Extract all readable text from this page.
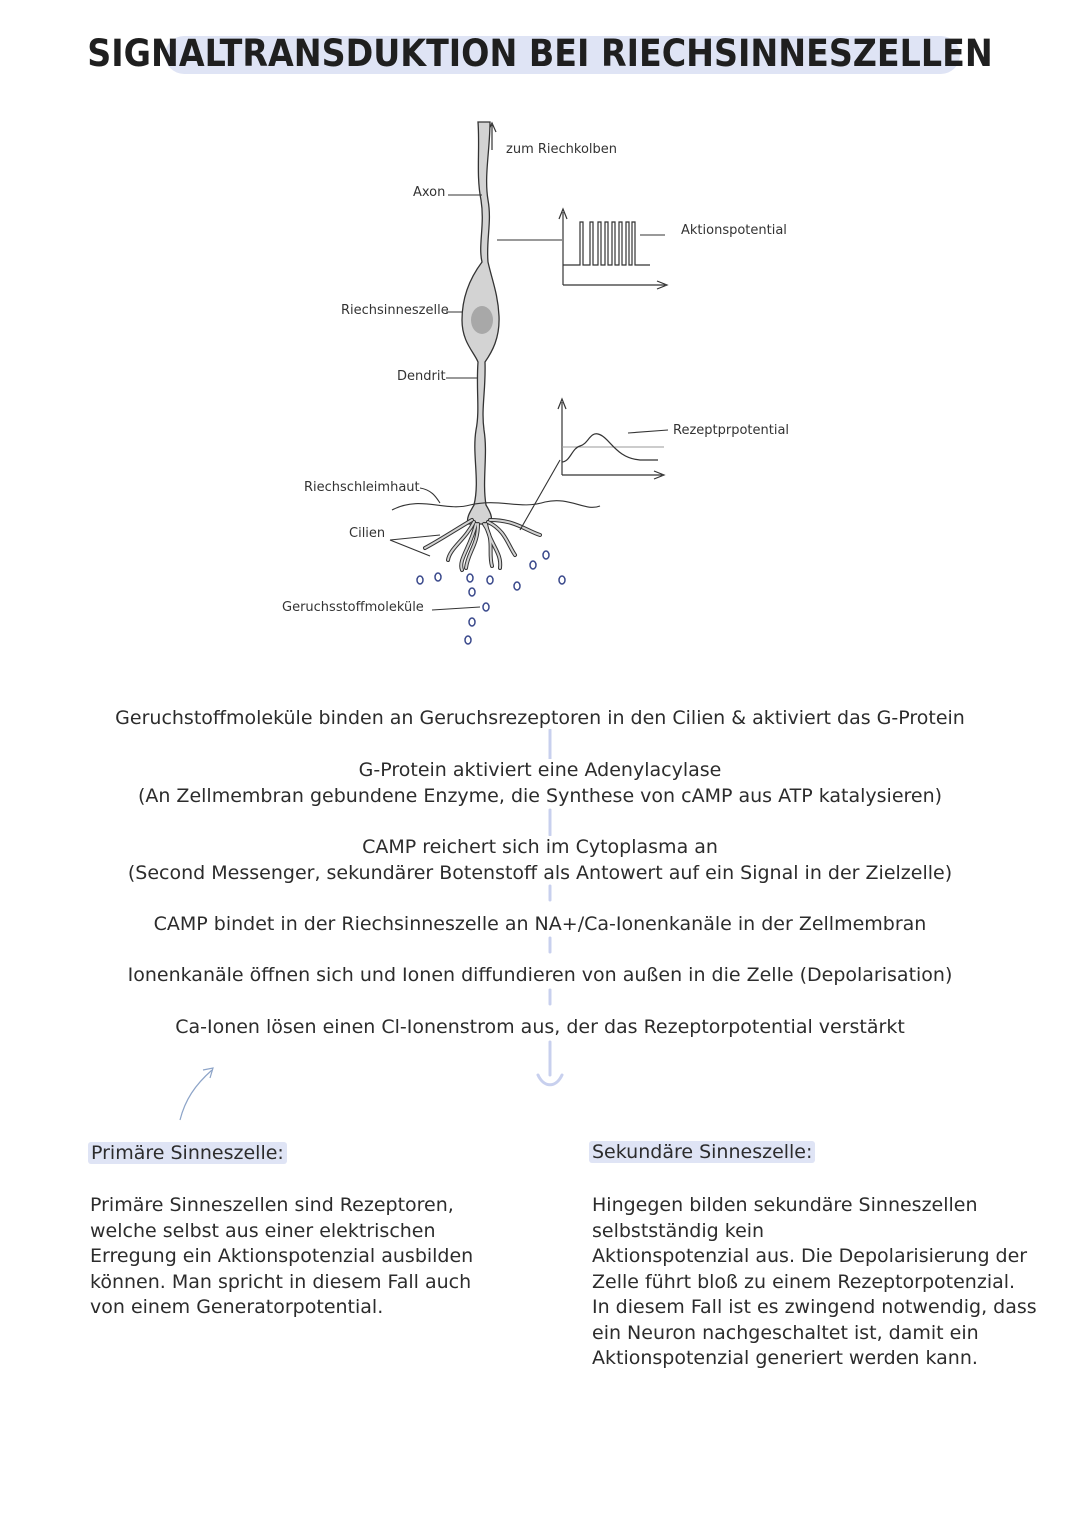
SIGNALTRANSDUKTION BEI RIECHSINNESZELLEN
zum Riechkolben
Axon
Aktionspotential
Riechsinneszelle
Dendrit
Rezeptprpotential
Riechschleimhaut
Cilien
Geruchsstoffmoleküle
Geruchstoffmoleküle binden an Geruchsrezeptoren in den Cilien & aktiviert das G-Protein
G-Protein aktiviert eine Adenylacylase
(An Zellmembran gebundene Enzyme, die Synthese von cAMP aus ATP katalysieren)
CAMP reichert sich im Cytoplasma an
(Second Messenger, sekundärer Botenstoff als Antowert auf ein Signal in der Zielzelle)
CAMP bindet in der Riechsinneszelle an NA+/Ca-Ionenkanäle in der Zellmembran
Ionenkanäle öffnen sich und Ionen diffundieren von außen in die Zelle (Depolarisation)
Ca-Ionen lösen einen Cl-Ionenstrom aus, der das Rezeptorpotential verstärkt
Primäre Sinneszelle:
Primäre Sinneszellen sind Rezeptoren,
welche selbst aus einer elektrischen
Erregung ein Aktionspotenzial ausbilden
können. Man spricht in diesem Fall auch
von einem Generatorpotential.
Sekundäre Sinneszelle:
Hingegen bilden sekundäre Sinneszellen
selbstständig kein
Aktionspotenzial aus. Die Depolarisierung der
Zelle führt bloß zu einem Rezeptorpotenzial.
In diesem Fall ist es zwingend notwendig, dass
ein Neuron nachgeschaltet ist, damit ein
Aktionspotenzial generiert werden kann.
